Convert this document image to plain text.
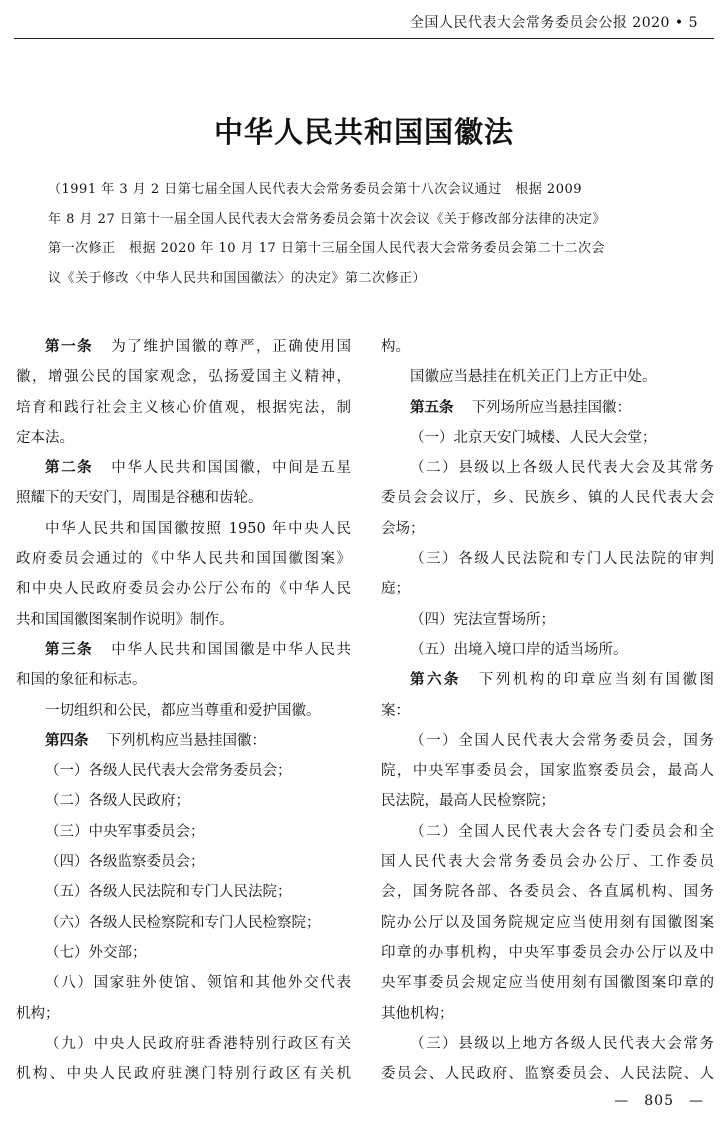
全国人民代表大会常务委员会公报 2020 • 5
中华人民共和国国徽法
（1991 年 3 月 2 日第七届全国人民代表大会常务委员会第十八次会议通过　根据 2009
年 8 月 27 日第十一届全国人民代表大会常务委员会第十次会议《关于修改部分法律的决定》
第一次修正　根据 2020 年 10 月 17 日第十三届全国人民代表大会常务委员会第二十二次会
议《关于修改〈中华人民共和国国徽法〉的决定》第二次修正）
第一条 为了维护国徽的尊严，正确使用国
徽，增强公民的国家观念，弘扬爱国主义精神，
培育和践行社会主义核心价值观，根据宪法，制
定本法。
第二条 中华人民共和国国徽，中间是五星
照耀下的天安门，周围是谷穗和齿轮。
中华人民共和国国徽按照 1950 年中央人民
政府委员会通过的《中华人民共和国国徽图案》
和中央人民政府委员会办公厅公布的《中华人民
共和国国徽图案制作说明》制作。
第三条 中华人民共和国国徽是中华人民共
和国的象征和标志。
一切组织和公民，都应当尊重和爱护国徽。
第四条 下列机构应当悬挂国徽：
（一）各级人民代表大会常务委员会；
（二）各级人民政府；
（三）中央军事委员会；
（四）各级监察委员会；
（五）各级人民法院和专门人民法院；
（六）各级人民检察院和专门人民检察院；
（七）外交部；
（八）国家驻外使馆、领馆和其他外交代表
机构；
（九）中央人民政府驻香港特别行政区有关
机构、中央人民政府驻澳门特别行政区有关机
构。
国徽应当悬挂在机关正门上方正中处。
第五条 下列场所应当悬挂国徽：
（一）北京天安门城楼、人民大会堂；
（二）县级以上各级人民代表大会及其常务
委员会会议厅，乡、民族乡、镇的人民代表大会
会场；
（三）各级人民法院和专门人民法院的审判
庭；
（四）宪法宣誓场所；
（五）出境入境口岸的适当场所。
第六条 下列机构的印章应当刻有国徽图
案：
（一）全国人民代表大会常务委员会，国务
院，中央军事委员会，国家监察委员会，最高人
民法院，最高人民检察院；
（二）全国人民代表大会各专门委员会和全
国人民代表大会常务委员会办公厅、工作委员
会，国务院各部、各委员会、各直属机构、国务
院办公厅以及国务院规定应当使用刻有国徽图案
印章的办事机构，中央军事委员会办公厅以及中
央军事委员会规定应当使用刻有国徽图案印章的
其他机构；
（三）县级以上地方各级人民代表大会常务
委员会、人民政府、监察委员会、人民法院、人
—　805　—
